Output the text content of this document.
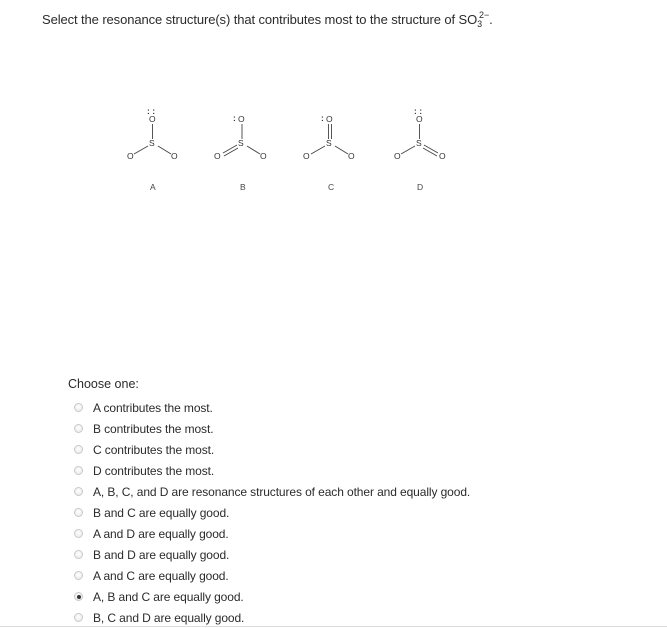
Select the resonance structure(s) that contributes most to the structure of $SO_3^{2-}$.
: :
O
S
O	O
A
: O
S
O	O
B
: O
S
O	O
C
: :
O
S
O	O
D
Choose one:
A contributes the most.
B contributes the most.
C contributes the most.
D contributes the most.
A, B, C, and D are resonance structures of each other and equally good.
B and C are equally good.
A and D are equally good.
B and D are equally good.
A and C are equally good.
A, B and C are equally good.
B, C and D are equally good.
